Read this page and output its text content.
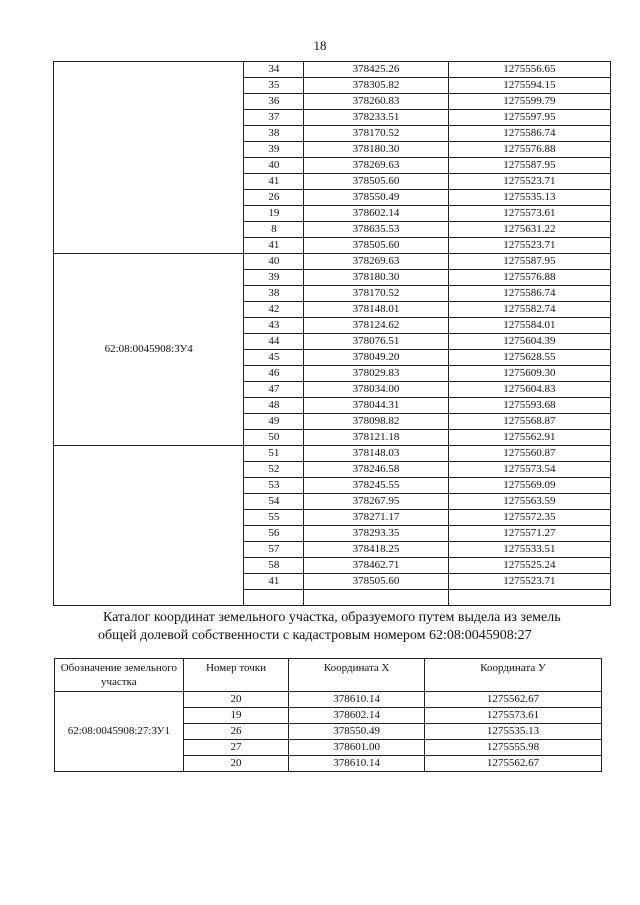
18
	34	378425.26	1275556.65
	35	378305.82	1275594.15
	36	378260.83	1275599.79
	37	378233.51	1275597.95
	38	378170.52	1275586.74
	39	378180.30	1275576.88
	40	378269.63	1275587.95
	41	378505.60	1275523.71
	26	378550.49	1275535.13
	19	378602.14	1275573.61
	8	378635.53	1275631.22
	41	378505.60	1275523.71
62:08:0045908:ЗУ4	40	378269.63	1275587.95
	39	378180.30	1275576.88
	38	378170.52	1275586.74
	42	378148.01	1275582.74
	43	378124.62	1275584.01
	44	378076.51	1275604.39
	45	378049.20	1275628.55
	46	378029.83	1275609.30
	47	378034.00	1275604.83
	48	378044.31	1275593.68
	49	378098.82	1275568.87
	50	378121.18	1275562.91
	51	378148.03	1275560.87
	52	378246.58	1275573.54
	53	378245.55	1275569.09
	54	378267.95	1275563.59
	55	378271.17	1275572.35
	56	378293.35	1275571.27
	57	378418.25	1275533.51
	58	378462.71	1275525.24
	41	378505.60	1275523.71

Каталог координат земельного участка, образуемого путем выдела из земель
общей долевой собственности с кадастровым номером 62:08:0045908:27
Обозначение земельного участка	Номер точки	Координата X	Координата У
62:08:0045908:27:ЗУ1	20	378610.14	1275562.67
	19	378602.14	1275573.61
	26	378550.49	1275535.13
	27	378601.00	1275555.98
	20	378610.14	1275562.67
